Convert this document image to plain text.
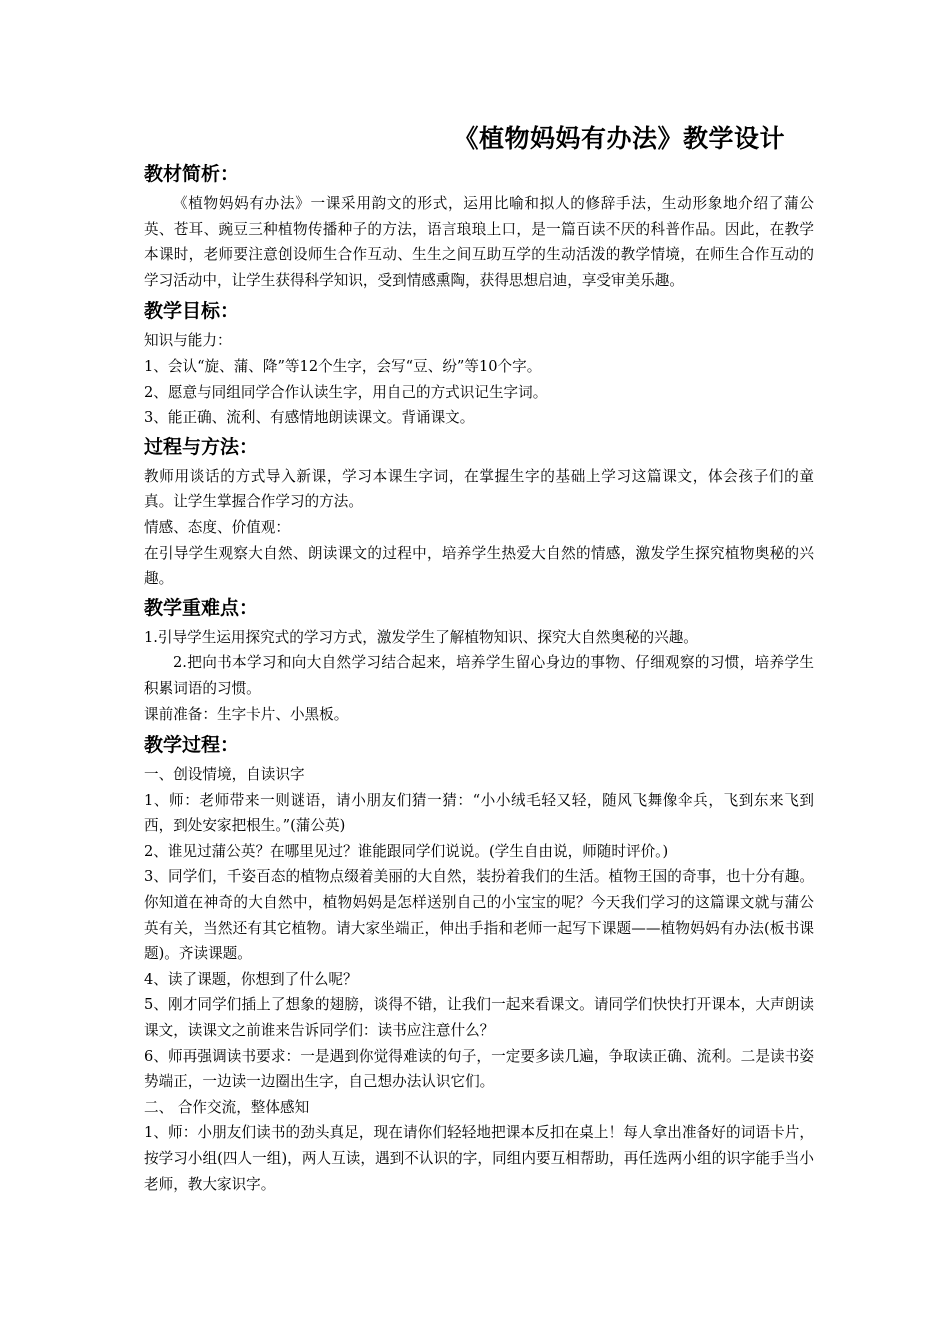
《植物妈妈有办法》教学设计

教材简析：

《植物妈妈有办法》一课采用韵文的形式，运用比喻和拟人的修辞手法，生动形象地介绍了蒲公英、苍耳、豌豆三种植物传播种子的方法，语言琅琅上口，是一篇百读不厌的科普作品。因此，在教学本课时，老师要注意创设师生合作互动、生生之间互助互学的生动活泼的教学情境，在师生合作互动的学习活动中，让学生获得科学知识，受到情感熏陶，获得思想启迪，享受审美乐趣。

教学目标：

知识与能力：

1、会认“旋、蒲、降”等12个生字，会写“豆、纷”等10个字。

2、愿意与同组同学合作认读生字，用自己的方式识记生字词。

3、能正确、流利、有感情地朗读课文。背诵课文。

过程与方法：

教师用谈话的方式导入新课，学习本课生字词，在掌握生字的基础上学习这篇课文，体会孩子们的童真。让学生掌握合作学习的方法。

情感、态度、价值观：

在引导学生观察大自然、朗读课文的过程中，培养学生热爱大自然的情感，激发学生探究植物奥秘的兴趣。

教学重难点：

1.引导学生运用探究式的学习方式，激发学生了解植物知识、探究大自然奥秘的兴趣。

2.把向书本学习和向大自然学习结合起来，培养学生留心身边的事物、仔细观察的习惯，培养学生积累词语的习惯。

课前准备：生字卡片、小黑板。

教学过程：

一、创设情境，自读识字

1、师：老师带来一则谜语，请小朋友们猜一猜：“小小绒毛轻又轻，随风飞舞像伞兵，飞到东来飞到西，到处安家把根生。”(蒲公英)

2、谁见过蒲公英？在哪里见过？谁能跟同学们说说。(学生自由说，师随时评价。)

3、同学们，千姿百态的植物点缀着美丽的大自然，装扮着我们的生活。植物王国的奇事，也十分有趣。你知道在神奇的大自然中，植物妈妈是怎样送别自己的小宝宝的呢？今天我们学习的这篇课文就与蒲公英有关，当然还有其它植物。请大家坐端正，伸出手指和老师一起写下课题——植物妈妈有办法(板书课题)。齐读课题。

4、读了课题，你想到了什么呢？

5、刚才同学们插上了想象的翅膀，谈得不错，让我们一起来看课文。请同学们快快打开课本，大声朗读课文，读课文之前谁来告诉同学们：读书应注意什么？

6、师再强调读书要求：一是遇到你觉得难读的句子，一定要多读几遍，争取读正确、流利。二是读书姿势端正，一边读一边圈出生字，自己想办法认识它们。

二、 合作交流，整体感知

1、师：小朋友们读书的劲头真足，现在请你们轻轻地把课本反扣在桌上！每人拿出准备好的词语卡片，按学习小组(四人一组)，两人互读，遇到不认识的字，同组内要互相帮助，再任选两小组的识字能手当小老师，教大家识字。
